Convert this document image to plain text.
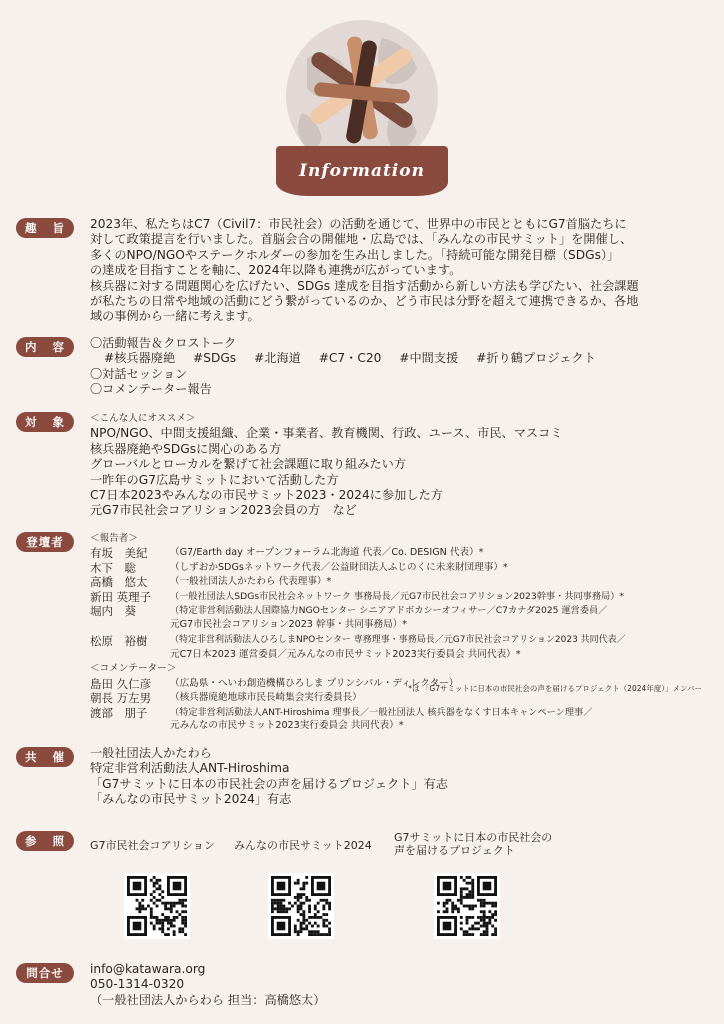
Information
趣 旨	2023年、私たちはC7（Civil7：市民社会）の活動を通じて、世界中の市民とともにG7首脳たちに

対して政策提言を行いました。首脳会合の開催地・広島では、「みんなの市民サミット」を開催し、

多くのNPO/NGOやステークホルダーの参加を生み出しました。「持続可能な開発目標（SDGs）」

の達成を目指すことを軸に、2024年以降も連携が広がっています。

核兵器に対する問題関心を広げたい、SDGs 達成を目指す活動から新しい方法も学びたい、社会課題

が私たちの日常や地域の活動にどう繋がっているのか、どう市民は分野を超えて連携できるか、各地

域の事例から一緒に考えます。

内 容	〇活動報告＆クロストーク

#核兵器廃絶 #SDGs #北海道 #C7・C20 #中間支援 #折り鶴プロジェクト

〇対話セッション

〇コメンテーター報告

対 象	＜こんな人にオススメ＞

NPO/NGO、中間支援組織、企業・事業者、教育機関、行政、ユース、市民、マスコミ

核兵器廃絶やSDGsに関心のある方

グローバルとローカルを繋げて社会課題に取り組みたい方

一昨年のG7広島サミットにおいて活動した方

C7日本2023やみんなの市民サミット2023・2024に参加した方

元G7市民社会コアリション2023会員の方　など

登壇者	＜報告者＞

有坂　美紀	（G7/Earth day オープンフォーラム北海道 代表／Co. DESIGN 代表）*
木下　聡	（しずおかSDGsネットワーク代表／公益財団法人ふじのくに未来財団理事）*
高橋　悠太	（一般社団法人かたわら 代表理事）*
新田 英理子	（一般社団法人SDGs市民社会ネットワーク 事務局長／元G7市民社会コアリション2023幹事・共同事務局）*
堀内　葵	（特定非営利活動法人国際協力NGOセンター シニアアドボカシーオフィサー／C7カナダ2025 運営委員／
元G7市民社会コアリション2023 幹事・共同事務局）*
松原　裕樹	（特定非営利活動法人ひろしまNPOセンター 専務理事・事務局長／元G7市民社会コアリション2023 共同代表／
元C7日本2023 運営委員／元みんなの市民サミット2023実行委員会 共同代表）*

＜コメンテーター＞

島田 久仁彦	（広島県・へいわ創造機構ひろしま プリンシパル・ディレクター）
朝長 万左男	（核兵器廃絶地球市民長崎集会実行委員長）
渡部　朋子	（特定非営利活動法人ANT-Hiroshima 理事長／一般社団法人 核兵器をなくす日本キャンペーン理事／
元みんなの市民サミット2023実行委員会 共同代表）*
*は 「G7サミットに日本の市民社会の声を届けるプロジェクト（2024年度）」メンバー
共 催	一般社団法人かたわら

特定非営利活動法人ANT-Hiroshima

「G7サミットに日本の市民社会の声を届けるプロジェクト」有志

「みんなの市民サミット2024」有志

参 照	G7市民社会コアリション みんなの市民サミット2024
G7サミットに日本の市民社会の
声を届けるプロジェクト
問合せ	info@katawara.org

050-1314-0320

（一般社団法人からわら 担当：高橋悠太）
